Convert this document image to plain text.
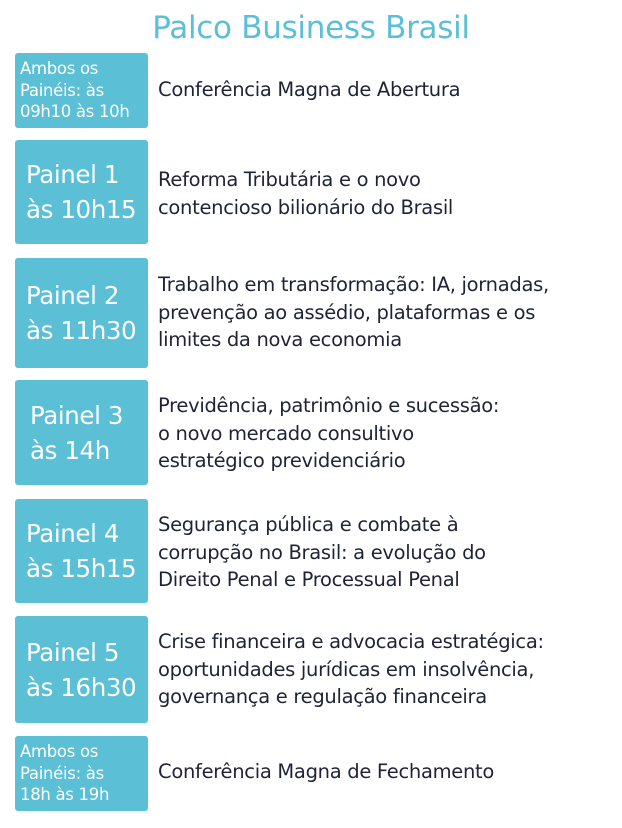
Palco Business Brasil
Ambos os
Painéis: às
09h10 às 10h
Conferência Magna de Abertura
Painel 1
às 10h15
Reforma Tributária e o novo
contencioso bilionário do Brasil
Painel 2
às 11h30
Trabalho em transformação: IA, jornadas,
prevenção ao assédio, plataformas e os
limites da nova economia
Painel 3
às 14h
Previdência, patrimônio e sucessão:
o novo mercado consultivo
estratégico previdenciário
Painel 4
às 15h15
Segurança pública e combate à
corrupção no Brasil: a evolução do
Direito Penal e Processual Penal
Painel 5
às 16h30
Crise financeira e advocacia estratégica:
oportunidades jurídicas em insolvência,
governança e regulação financeira
Ambos os
Painéis: às
18h às 19h
Conferência Magna de Fechamento
